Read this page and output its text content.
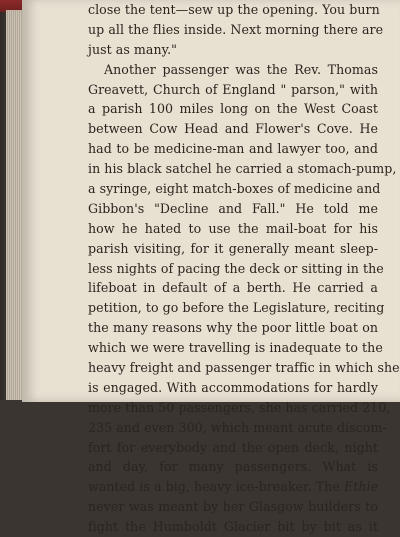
close the tent—sew up the opening. You burn
up all the flies inside. Next morning there are
just as many."
Another passenger was the Rev. Thomas
Greavett, Church of England " parson," with
a parish 100 miles long on the West Coast
between Cow Head and Flower's Cove. He
had to be medicine-man and lawyer too, and
in his black satchel he carried a stomach-pump,
a syringe, eight match-boxes of medicine and
Gibbon's "Decline and Fall." He told me
how he hated to use the mail-boat for his
parish visiting, for it generally meant sleep-
less nights of pacing the deck or sitting in the
lifeboat in default of a berth. He carried a
petition, to go before the Legislature, reciting
the many reasons why the poor little boat on
which we were travelling is inadequate to the
heavy freight and passenger traffic in which she
is engaged. With accommodations for hardly
more than 50 passengers, she has carried 210,
235 and even 300, which meant acute discom-
fort for everybody and the open deck, night
and day, for many passengers. What is
wanted is a big, heavy ice-breaker. The Ethie
never was meant by her Glasgow builders to
fight the Humboldt Glacier bit by bit as it
